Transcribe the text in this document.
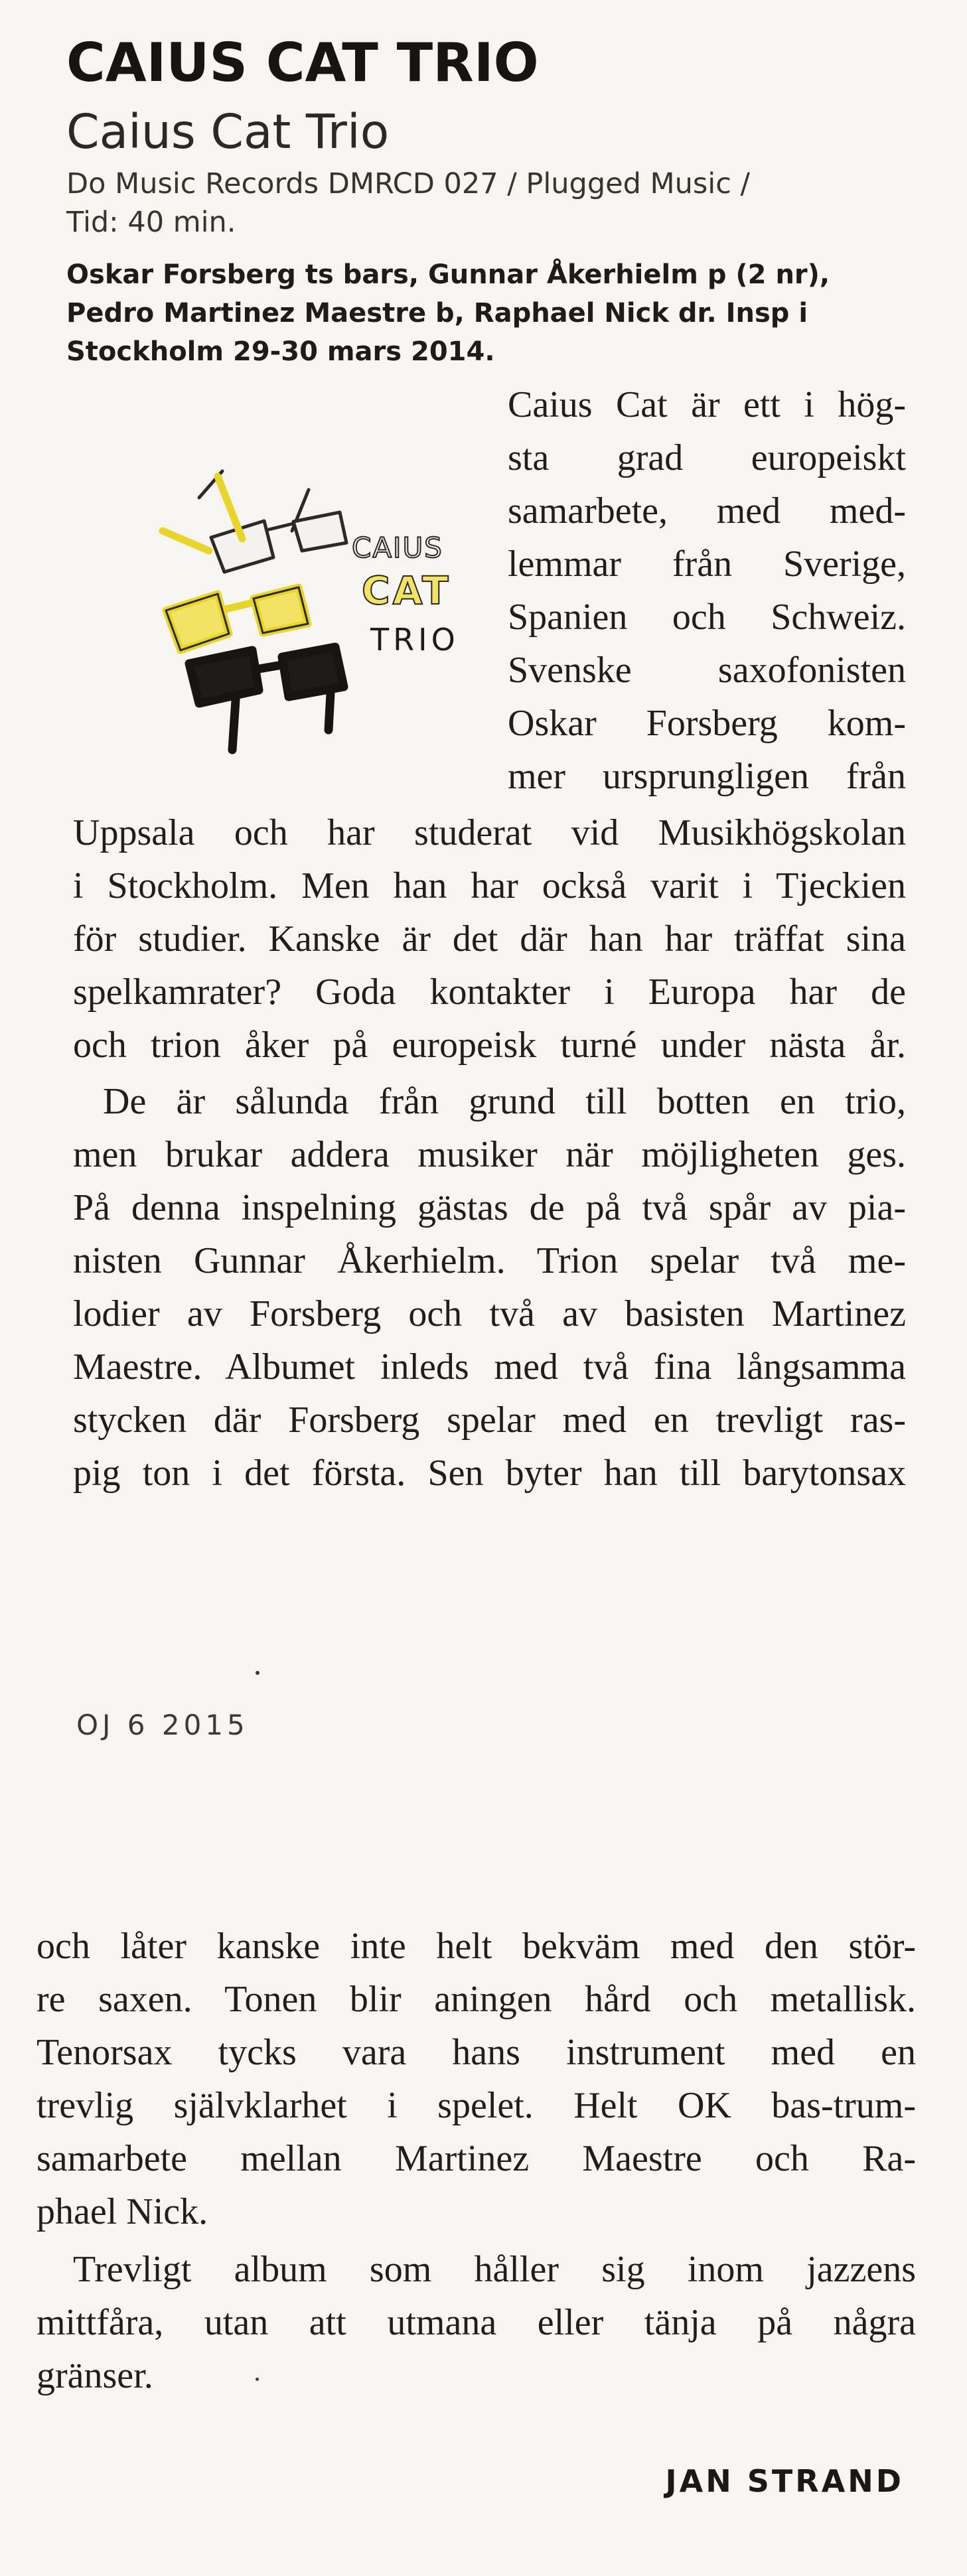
CAIUS CAT TRIO
Caius Cat Trio
Do Music Records DMRCD 027 / Plugged Music /
Tid: 40 min.
Oskar Forsberg ts bars, Gunnar Åkerhielm p (2 nr),
Pedro Martinez Maestre b, Raphael Nick dr. Insp i
Stockholm 29-30 mars 2014.
CAIUS
CAT
TRIO
Caius Cat är ett i hög-
sta grad europeiskt
samarbete, med med-
lemmar från Sverige,
Spanien och Schweiz.
Svenske saxofonisten
Oskar Forsberg kom-
mer ursprungligen från
Uppsala och har studerat vid Musikhögskolan
i Stockholm. Men han har också varit i Tjeckien
för studier. Kanske är det där han har träffat sina
spelkamrater? Goda kontakter i Europa har de
och trion åker på europeisk turné under nästa år.
De är sålunda från grund till botten en trio,
men brukar addera musiker när möjligheten ges.
På denna inspelning gästas de på två spår av pia-
nisten Gunnar Åkerhielm. Trion spelar två me-
lodier av Forsberg och två av basisten Martinez
Maestre. Albumet inleds med två fina långsamma
stycken där Forsberg spelar med en trevligt ras-
pig ton i det första. Sen byter han till barytonsax
OJ 6 2015
och låter kanske inte helt bekväm med den stör-
re saxen. Tonen blir aningen hård och metallisk.
Tenorsax tycks vara hans instrument med en
trevlig självklarhet i spelet. Helt OK bas-trum-
samarbete mellan Martinez Maestre och Ra-
phael Nick.
Trevligt album som håller sig inom jazzens
mittfåra, utan att utmana eller tänja på några
gränser.
JAN STRAND
